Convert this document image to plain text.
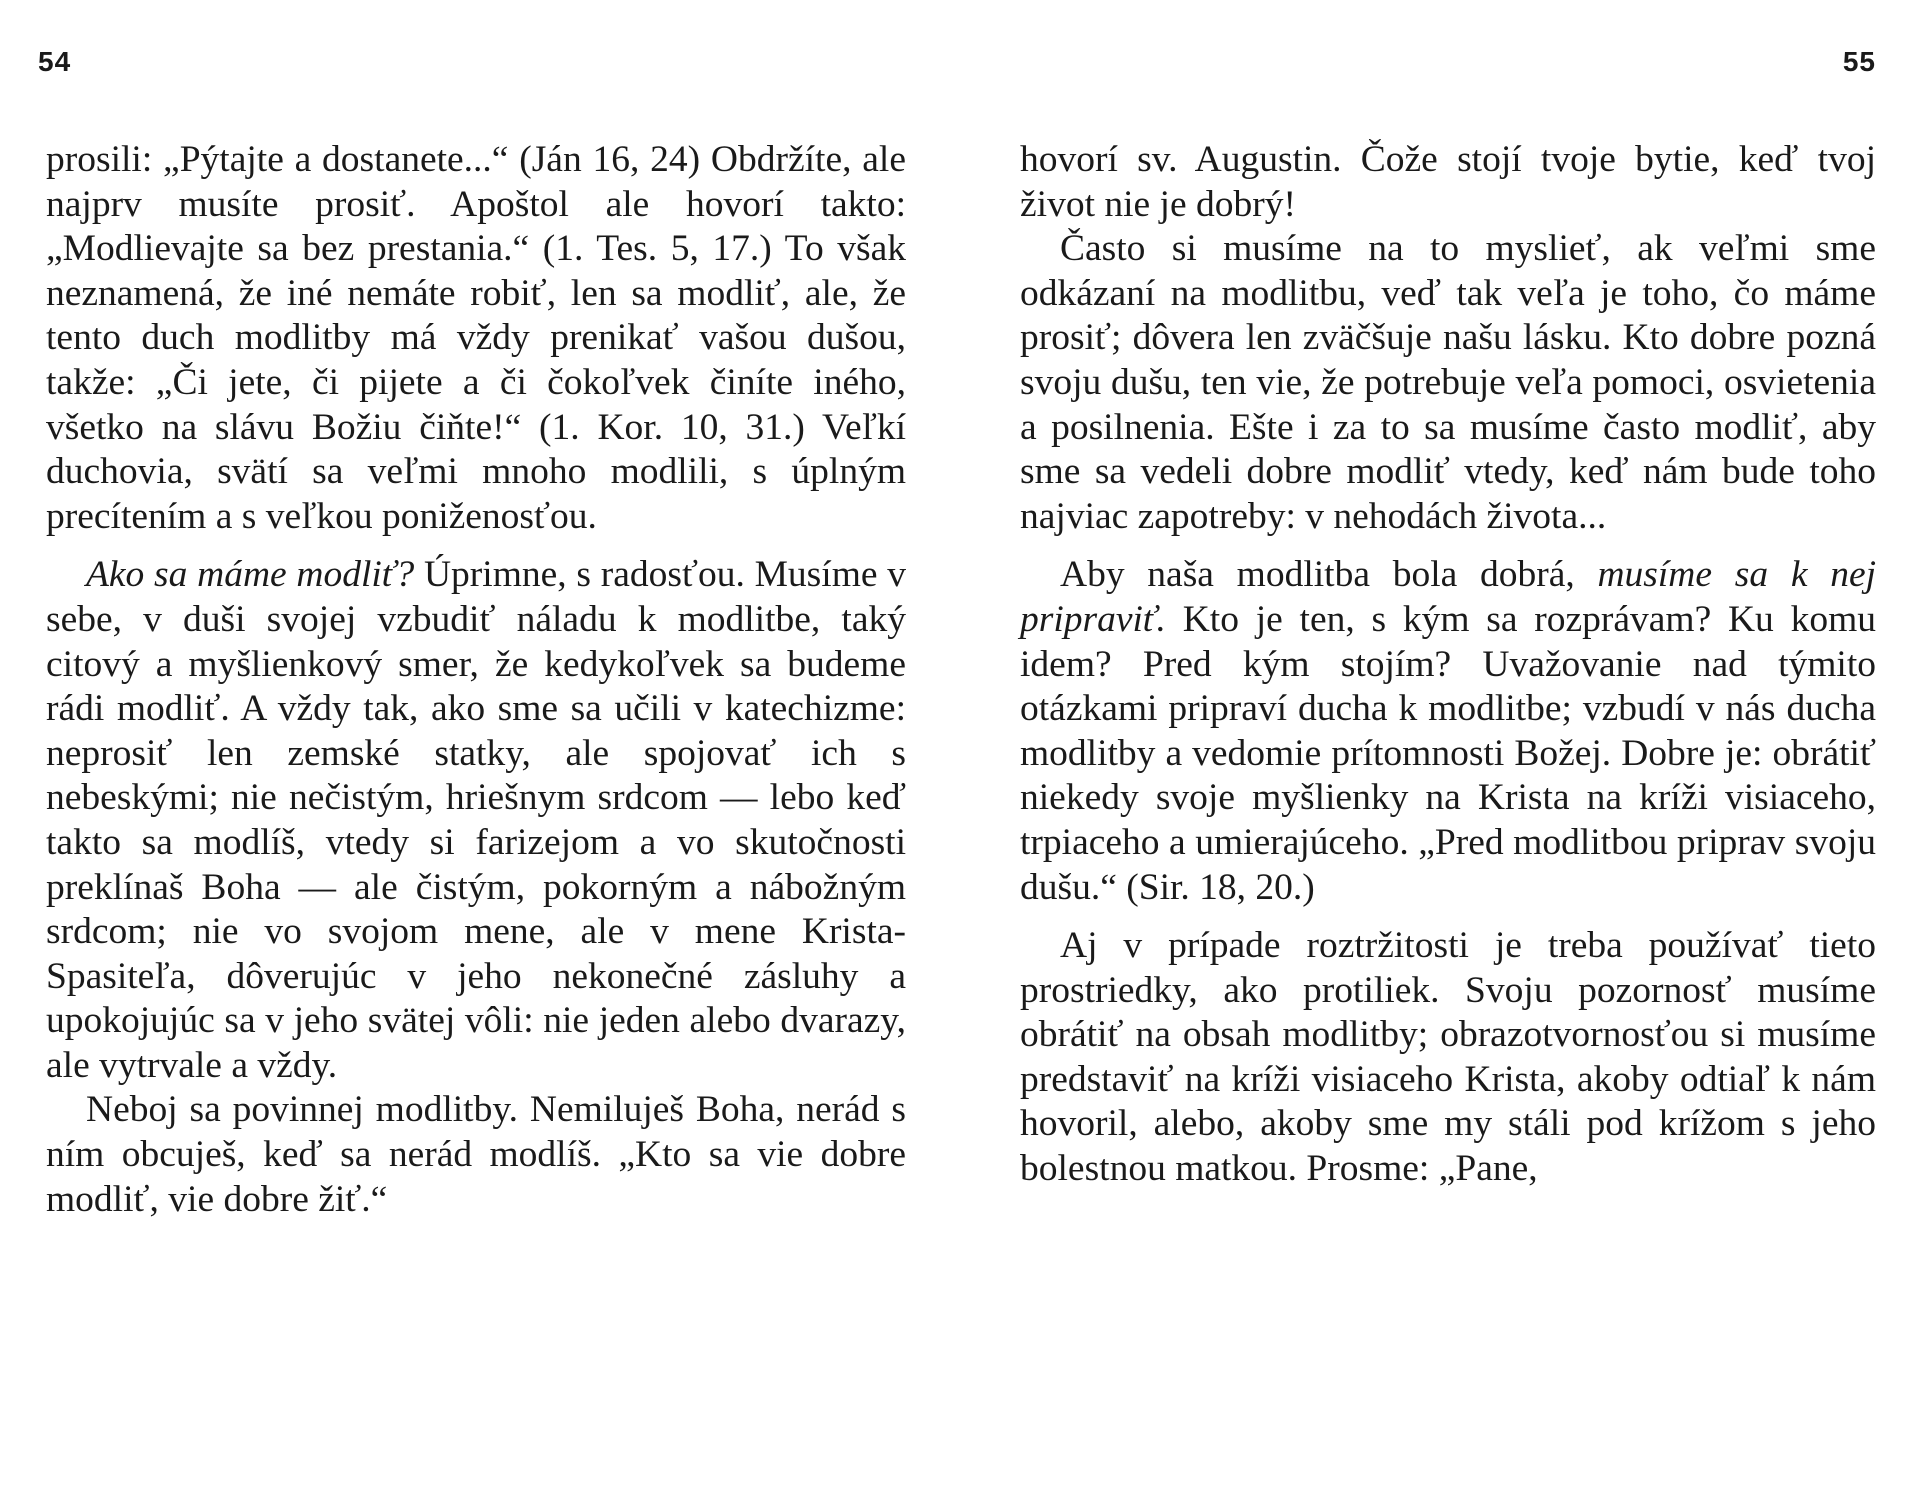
54	55

prosili: „Pýtajte a dostanete...“ (Ján 16, 24) Obdržíte, ale najprv musíte prosiť. Apoštol ale hovorí takto: „Modlievajte sa bez prestania.“ (1. Tes. 5, 17.) To však neznamená, že iné nemáte robiť, len sa modliť, ale, že tento duch modlitby má vždy prenikať vašou dušou, takže: „Či jete, či pijete a či čokoľvek činíte iného, všetko na slávu Božiu čiňte!“ (1. Kor. 10, 31.) Veľkí duchovia, svätí sa veľmi mnoho modlili, s úplným precítením a s veľkou poniženosťou.

Ako sa máme modliť? Úprimne, s radosťou. Musíme v sebe, v duši svojej vzbudiť náladu k modlitbe, taký citový a myšlienkový smer, že kedykoľvek sa budeme rádi modliť. A vždy tak, ako sme sa učili v katechizme: neprosiť len zemské statky, ale spojovať ich s nebeskými; nie nečistým, hriešnym srdcom — lebo keď takto sa modlíš, vtedy si farizejom a vo skutočnosti preklínaš Boha — ale čistým, pokorným a nábožným srdcom; nie vo svojom mene, ale v mene Krista-Spasiteľa, dôverujúc v jeho nekonečné zásluhy a upokojujúc sa v jeho svätej vôli: nie jeden alebo dvarazy, ale vytrvale a vždy.

Neboj sa povinnej modlitby. Nemiluješ Boha, nerád s ním obcuješ, keď sa nerád modlíš. „Kto sa vie dobre modliť, vie dobre žiť.“

hovorí sv. Augustin. Čože stojí tvoje bytie, keď tvoj život nie je dobrý!

Často si musíme na to myslieť, ak veľmi sme odkázaní na modlitbu, veď tak veľa je toho, čo máme prosiť; dôvera len zväčšuje našu lásku. Kto dobre pozná svoju dušu, ten vie, že potrebuje veľa pomoci, osvietenia a posilnenia. Ešte i za to sa musíme často modliť, aby sme sa vedeli dobre modliť vtedy, keď nám bude toho najviac zapotreby: v nehodách života...

Aby naša modlitba bola dobrá, musíme sa k nej pripraviť. Kto je ten, s kým sa rozprávam? Ku komu idem? Pred kým stojím? Uvažovanie nad týmito otázkami pripraví ducha k modlitbe; vzbudí v nás ducha modlitby a vedomie prítomnosti Božej. Dobre je: obrátiť niekedy svoje myšlienky na Krista na kríži visiaceho, trpiaceho a umierajúceho. „Pred modlitbou priprav svoju dušu.“ (Sir. 18, 20.)

Aj v prípade roztržitosti je treba používať tieto prostriedky, ako protiliek. Svoju pozornosť musíme obrátiť na obsah modlitby; obrazotvornosťou si musíme predstaviť na kríži visiaceho Krista, akoby odtiaľ k nám hovoril, alebo, akoby sme my stáli pod krížom s jeho bolestnou matkou. Prosme: „Pane,
